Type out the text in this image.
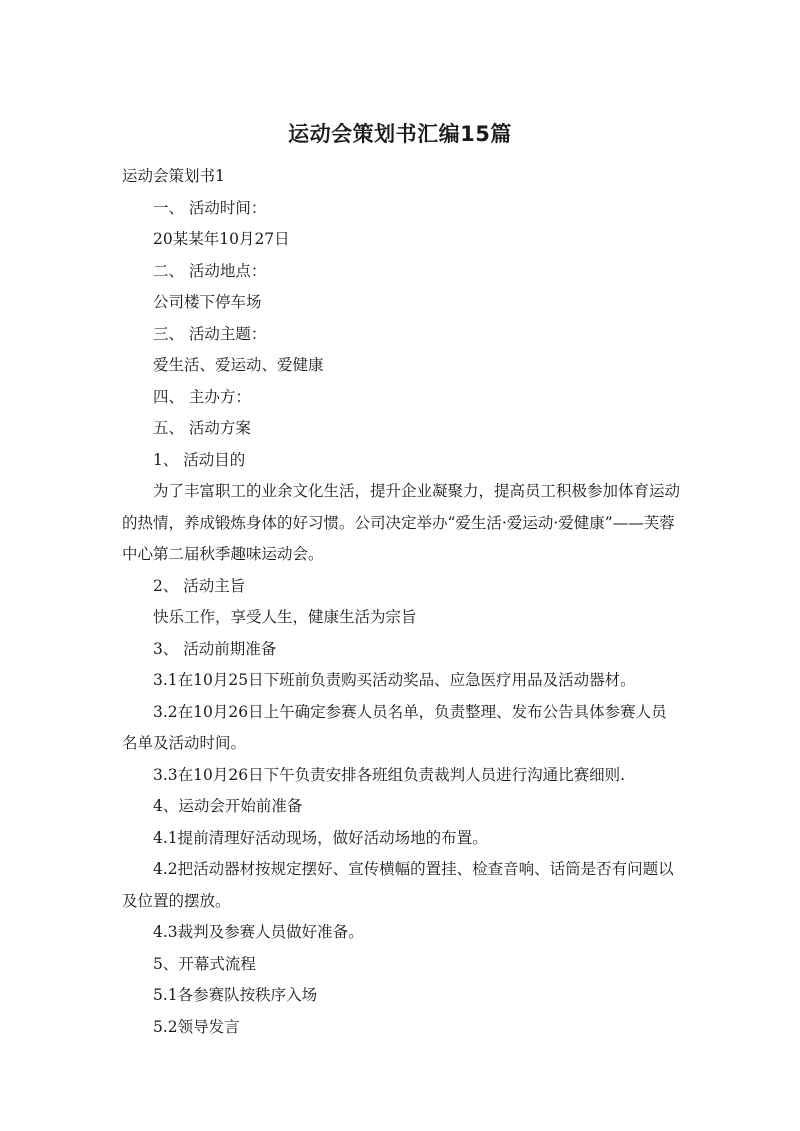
运动会策划书汇编15篇

运动会策划书1

一、 活动时间：

20某某年10月27日

二、 活动地点：

公司楼下停车场

三、 活动主题：

爱生活、爱运动、爱健康

四、 主办方：

五、 活动方案

1、 活动目的

为了丰富职工的业余文化生活，提升企业凝聚力，提高员工积极参加体育运动的热情，养成锻炼身体的好习惯。公司决定举办“爱生活·爱运动·爱健康”——芙蓉中心第二届秋季趣味运动会。

2、 活动主旨

快乐工作，享受人生，健康生活为宗旨

3、 活动前期准备

3.1在10月25日下班前负责购买活动奖品、应急医疗用品及活动器材。

3.2在10月26日上午确定参赛人员名单，负责整理、发布公告具体参赛人员名单及活动时间。

3.3在10月26日下午负责安排各班组负责裁判人员进行沟通比赛细则.

4、运动会开始前准备

4.1提前清理好活动现场，做好活动场地的布置。

4.2把活动器材按规定摆好、宣传横幅的置挂、检查音响、话筒是否有问题以及位置的摆放。

4.3裁判及参赛人员做好准备。

5、开幕式流程

5.1各参赛队按秩序入场

5.2领导发言
